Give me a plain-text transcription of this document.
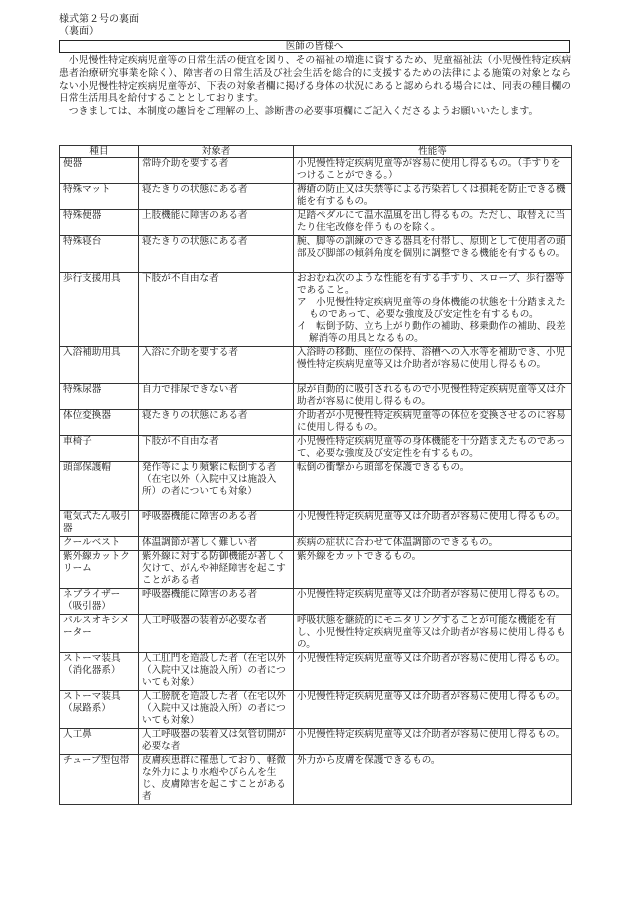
様式第２号の裏面
（裏面）
医師の皆様へ

小児慢性特定疾病児童等の日常生活の便宜を図り、その福祉の増進に資するため、児童福祉法（小児慢性特定疾病患者治療研究事業を除く）、障害者の日常生活及び社会生活を総合的に支援するための法律による施策の対象とならない小児慢性特定疾病児童等が、下表の対象者欄に掲げる身体の状況にあると認められる場合には、同表の種目欄の日常生活用具を給付することとしております。

つきましては、本制度の趣旨をご理解の上、診断書の必要事項欄にご記入くださるようお願いいたします。

種目	対象者	性能等
便器	常時介助を要する者	小児慢性特定疾病児童等が容易に使用し得るもの。（手すりをつけることができる。）

特殊マット	寝たきりの状態にある者	褥瘡の防止又は失禁等による汚染若しくは損耗を防止できる機能を有するもの。

特殊便器	上肢機能に障害のある者	足踏ペダルにて温水温風を出し得るもの。ただし、取替えに当たり住宅改修を伴うものを除く。

特殊寝台	寝たきりの状態にある者	腕、脚等の訓練のできる器具を付帯し、原則として使用者の頭部及び脚部の傾斜角度を個別に調整できる機能を有するもの。

歩行支援用具	下肢が不自由な者	おおむね次のような性能を有する手すり、スロープ、歩行器等であること。
ア　小児慢性特定疾病児童等の身体機能の状態を十分踏まえたものであって、必要な強度及び安定性を有するもの。
イ　転倒予防、立ち上がり動作の補助、移乗動作の補助、段差解消等の用具となるもの。

入浴補助用具	入浴に介助を要する者	入浴時の移動、座位の保持、浴槽への入水等を補助でき、小児慢性特定疾病児童等又は介助者が容易に使用し得るもの。

特殊尿器	自力で排尿できない者	尿が自動的に吸引されるもので小児慢性特定疾病児童等又は介助者が容易に使用し得るもの。

体位変換器	寝たきりの状態にある者	介助者が小児慢性特定疾病児童等の体位を変換させるのに容易に使用し得るもの。

車椅子	下肢が不自由な者	小児慢性特定疾病児童等の身体機能を十分踏まえたものであって、必要な強度及び安定性を有するもの。

頭部保護帽	発作等により頻繁に転倒する者（在宅以外（入院中又は施設入所）の者についても対象）	転倒の衝撃から頭部を保護できるもの。

電気式たん吸引器	呼吸器機能に障害のある者	小児慢性特定疾病児童等又は介助者が容易に使用し得るもの。

クールベスト	体温調節が著しく難しい者	疾病の症状に合わせて体温調節のできるもの。

紫外線カットクリーム	紫外線に対する防御機能が著しく欠けて、がんや神経障害を起こすことがある者	紫外線をカットできるもの。

ネブライザー（吸引器）	呼吸器機能に障害のある者	小児慢性特定疾病児童等又は介助者が容易に使用し得るもの。

パルスオキシメーター	人工呼吸器の装着が必要な者	呼吸状態を継続的にモニタリングすることが可能な機能を有し、小児慢性特定疾病児童等又は介助者が容易に使用し得るもの。

ストーマ装具（消化器系）	人工肛門を造設した者（在宅以外（入院中又は施設入所）の者についても対象）	小児慢性特定疾病児童等又は介助者が容易に使用し得るもの。

ストーマ装具（尿路系）	人工膀胱を造設した者（在宅以外（入院中又は施設入所）の者についても対象）	小児慢性特定疾病児童等又は介助者が容易に使用し得るもの。

人工鼻	人工呼吸器の装着又は気管切開が必要な者	小児慢性特定疾病児童等又は介助者が容易に使用し得るもの。

チューブ型包帯	皮膚疾患群に罹患しており、軽微な外力により水疱やびらんを生じ、皮膚障害を起こすことがある者	外力から皮膚を保護できるもの。
